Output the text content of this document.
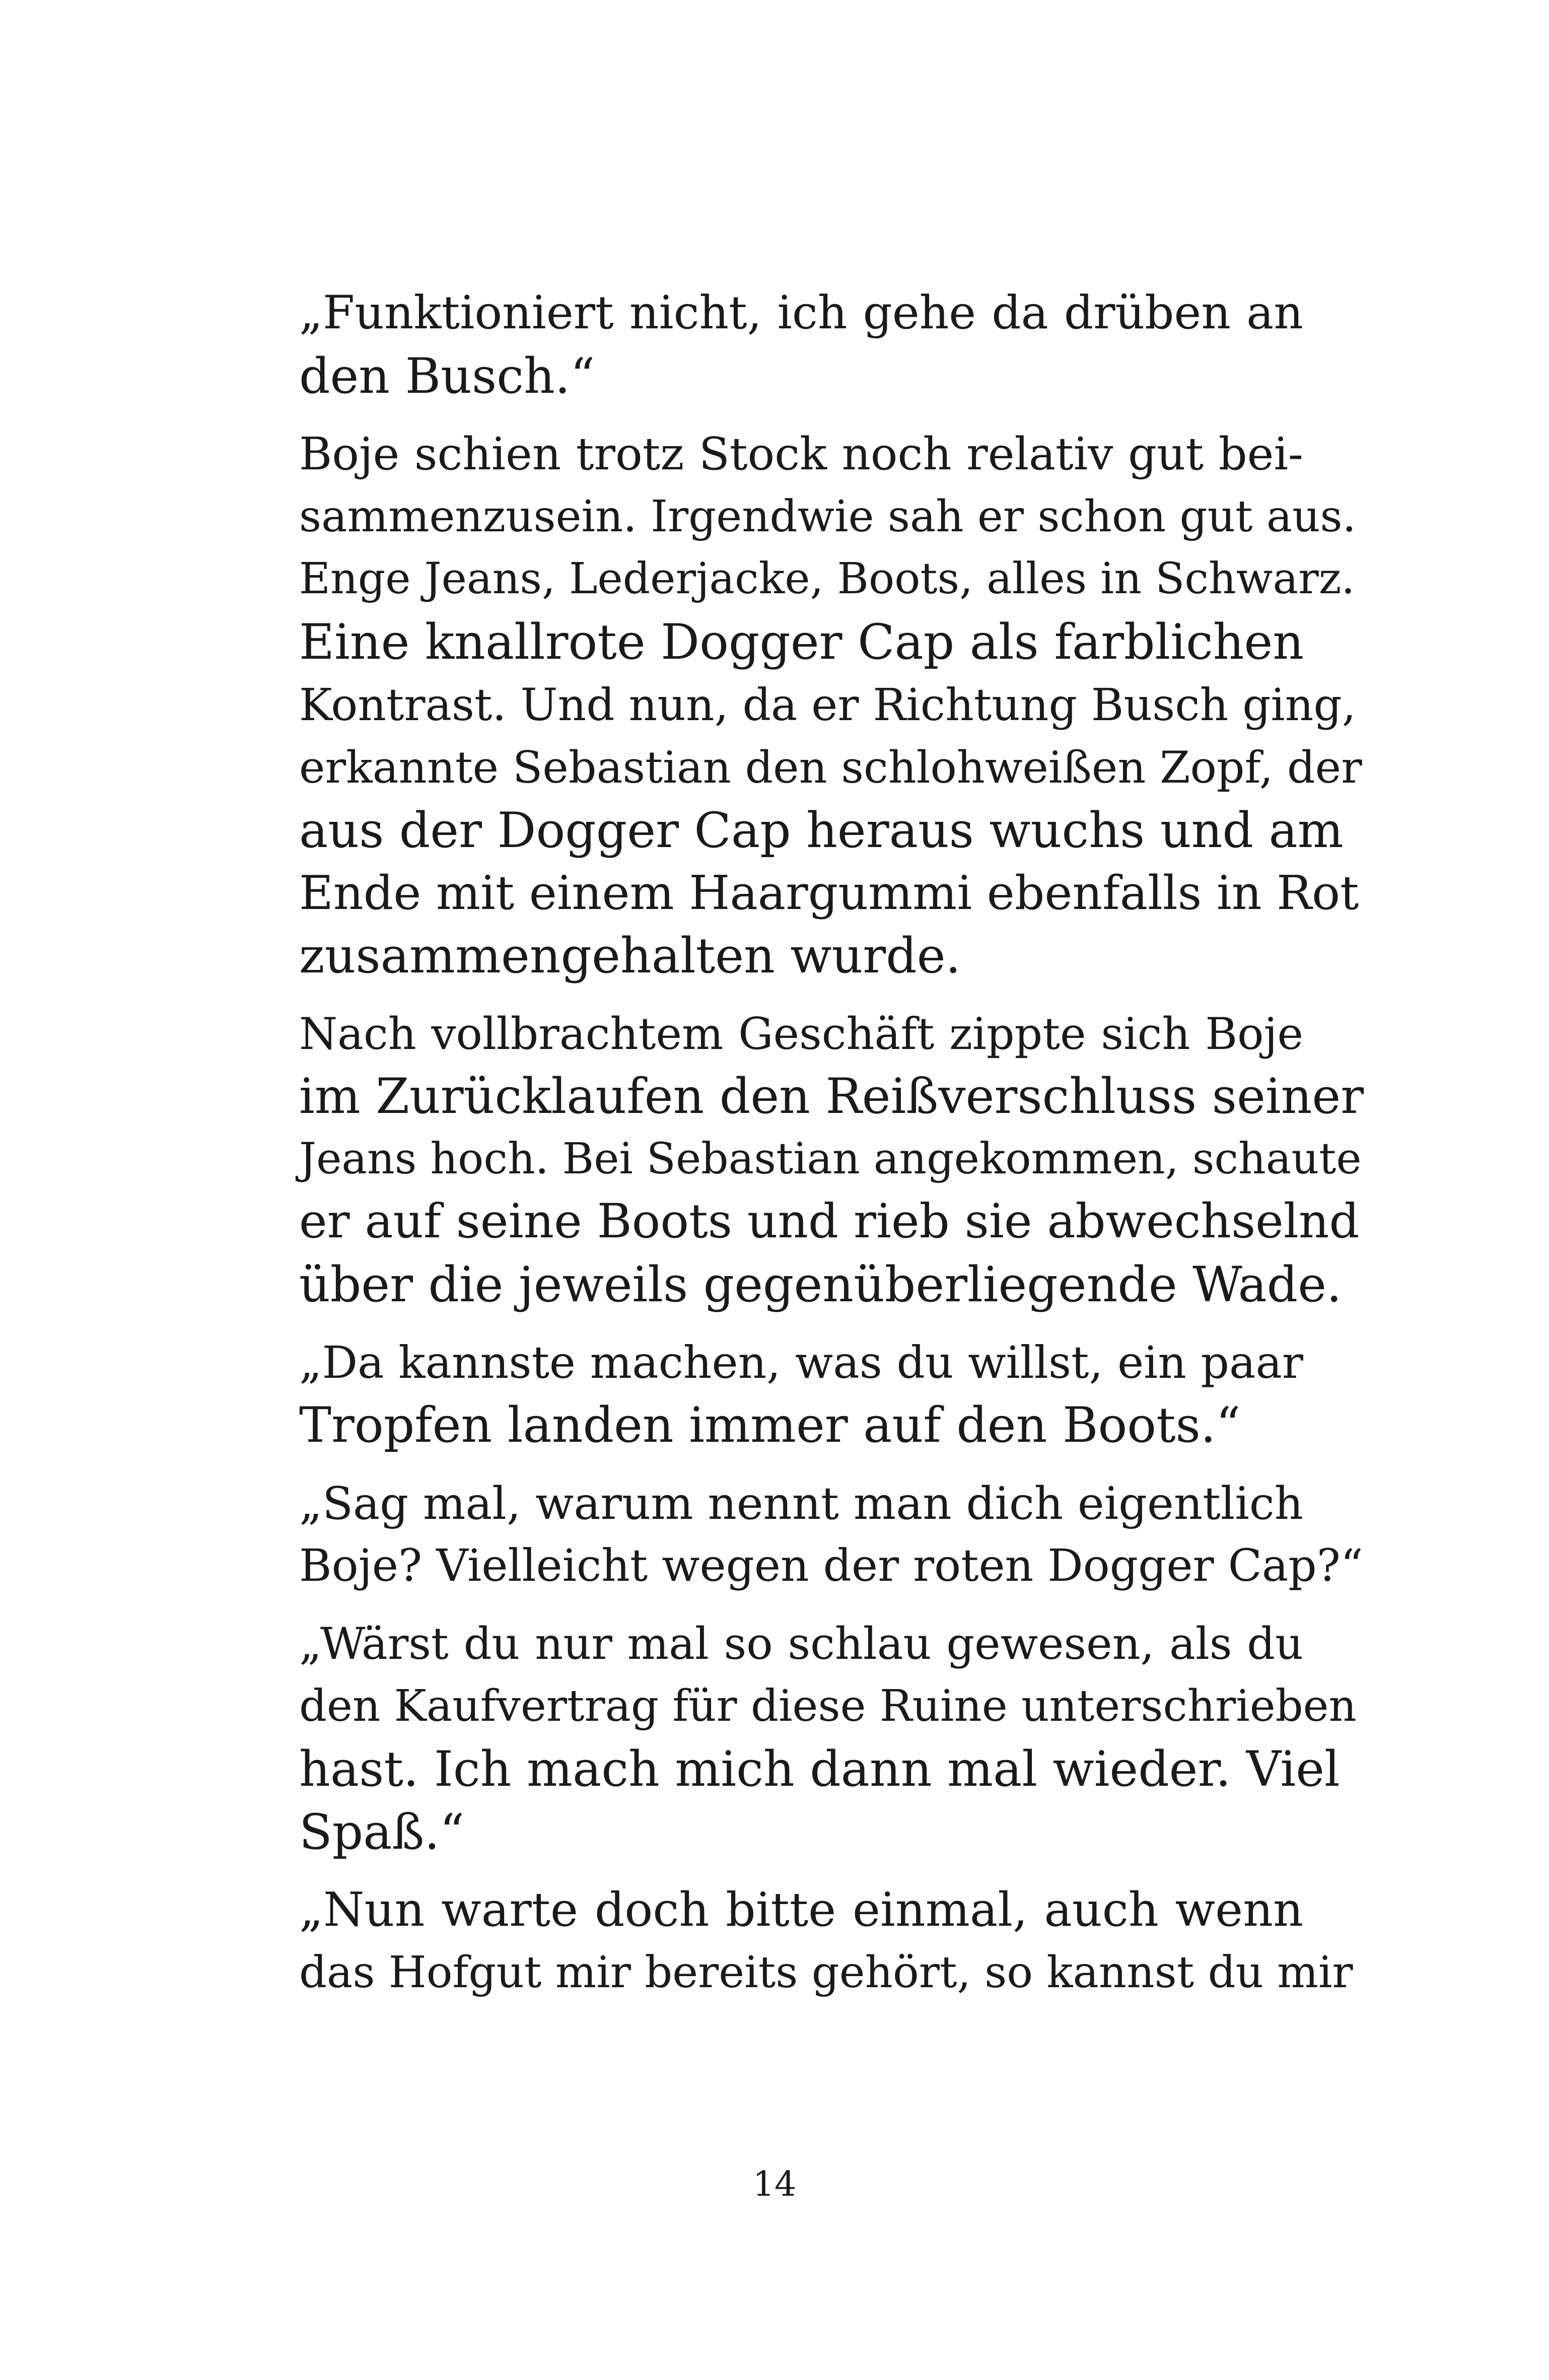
„Funktioniert nicht, ich gehe da drüben an
den Busch.“

Boje schien trotz Stock noch relativ gut bei-
sammenzusein. Irgendwie sah er schon gut aus.
Enge Jeans, Lederjacke, Boots, alles in Schwarz.
Eine knallrote Dogger Cap als farblichen
Kontrast. Und nun, da er Richtung Busch ging,
erkannte Sebastian den schlohweißen Zopf, der
aus der Dogger Cap heraus wuchs und am
Ende mit einem Haargummi ebenfalls in Rot
zusammengehalten wurde.

Nach vollbrachtem Geschäft zippte sich Boje
im Zurücklaufen den Reißverschluss seiner
Jeans hoch. Bei Sebastian angekommen, schaute
er auf seine Boots und rieb sie abwechselnd
über die jeweils gegenüberliegende Wade.

„Da kannste machen, was du willst, ein paar
Tropfen landen immer auf den Boots.“

„Sag mal, warum nennt man dich eigentlich
Boje? Vielleicht wegen der roten Dogger Cap?“

„Wärst du nur mal so schlau gewesen, als du
den Kaufvertrag für diese Ruine unterschrieben
hast. Ich mach mich dann mal wieder. Viel
Spaß.“

„Nun warte doch bitte einmal, auch wenn
das Hofgut mir bereits gehört, so kannst du mir

14
